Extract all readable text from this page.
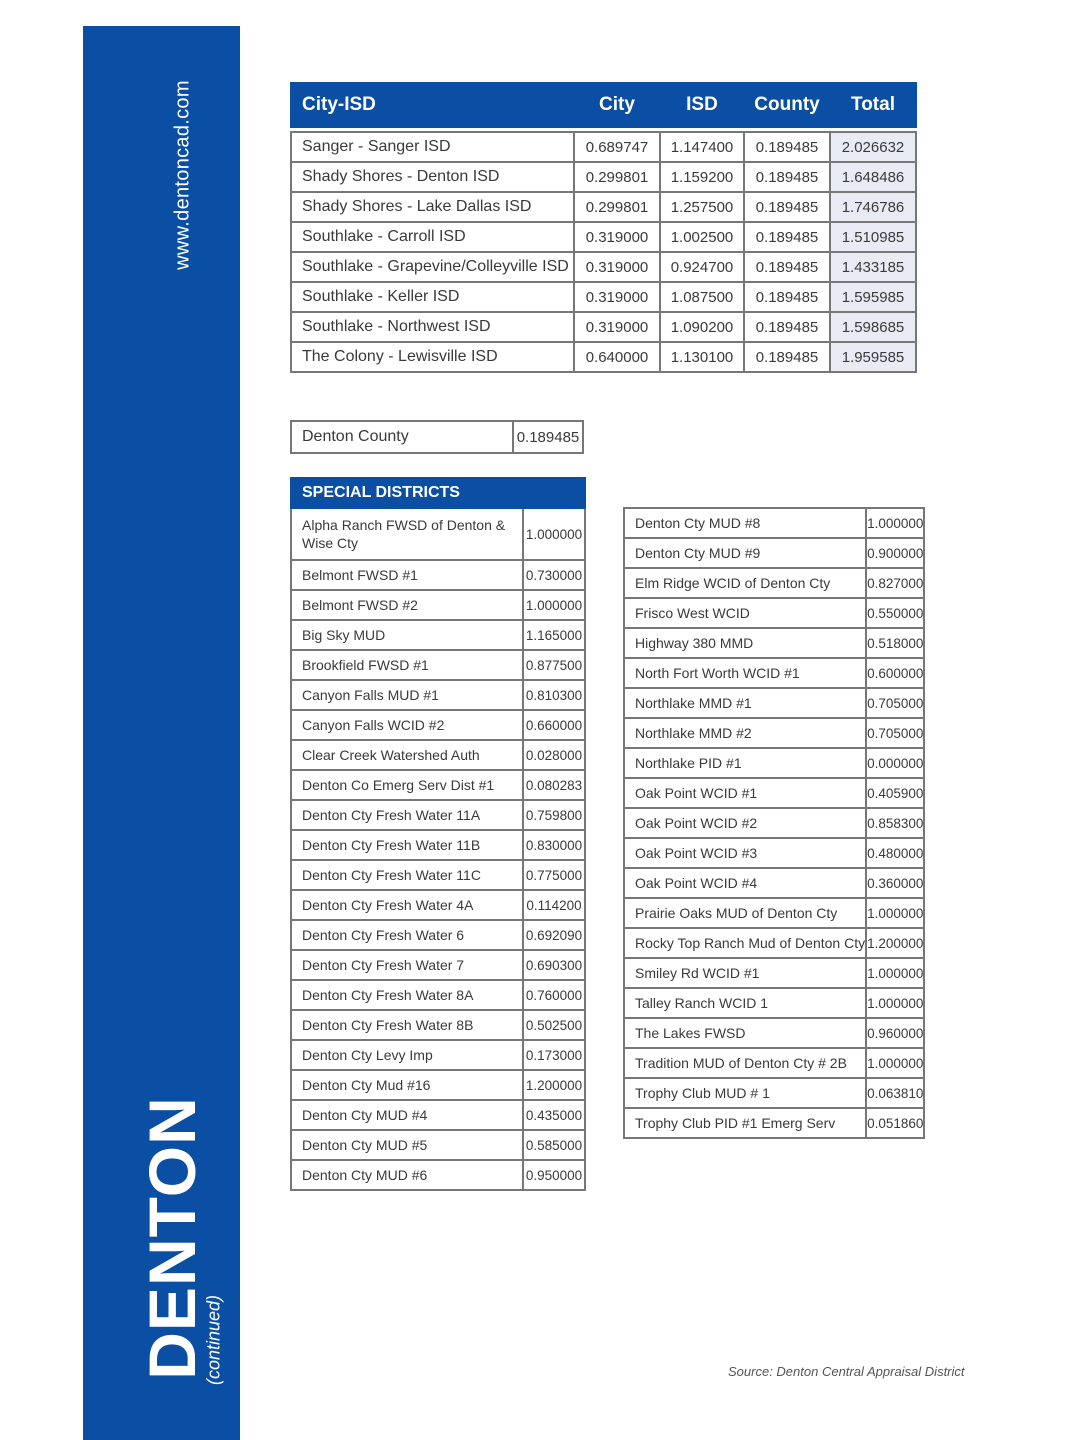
www.dentoncad.com
DENTON
(continued)
City-ISD	City	ISD	County	Total

Sanger - Sanger ISD	0.689747	1.147400	0.189485	2.026632
Shady Shores - Denton ISD	0.299801	1.159200	0.189485	1.648486
Shady Shores - Lake Dallas ISD	0.299801	1.257500	0.189485	1.746786
Southlake - Carroll ISD	0.319000	1.002500	0.189485	1.510985
Southlake - Grapevine/Colleyville ISD	0.319000	0.924700	0.189485	1.433185
Southlake - Keller ISD	0.319000	1.087500	0.189485	1.595985
Southlake - Northwest ISD	0.319000	1.090200	0.189485	1.598685
The Colony - Lewisville ISD	0.640000	1.130100	0.189485	1.959585
Denton County	0.189485
SPECIAL DISTRICTS	
Alpha Ranch FWSD of Denton & Wise Cty	1.000000
Belmont FWSD #1	0.730000
Belmont FWSD #2	1.000000
Big Sky MUD	1.165000
Brookfield FWSD #1	0.877500
Canyon Falls MUD #1	0.810300
Canyon Falls WCID #2	0.660000
Clear Creek Watershed Auth	0.028000
Denton Co Emerg Serv Dist #1	0.080283
Denton Cty Fresh Water 11A	0.759800
Denton Cty Fresh Water 11B	0.830000
Denton Cty Fresh Water 11C	0.775000
Denton Cty Fresh Water 4A	0.114200
Denton Cty Fresh Water 6	0.692090
Denton Cty Fresh Water 7	0.690300
Denton Cty Fresh Water 8A	0.760000
Denton Cty Fresh Water 8B	0.502500
Denton Cty Levy Imp	0.173000
Denton Cty Mud #16	1.200000
Denton Cty MUD #4	0.435000
Denton Cty MUD #5	0.585000
Denton Cty MUD #6	0.950000
Denton Cty MUD #8	1.000000
Denton Cty MUD #9	0.900000
Elm Ridge WCID of Denton Cty	0.827000
Frisco West WCID	0.550000
Highway 380 MMD	0.518000
North Fort Worth WCID #1	0.600000
Northlake MMD #1	0.705000
Northlake MMD #2	0.705000
Northlake PID #1	0.000000
Oak Point WCID #1	0.405900
Oak Point WCID #2	0.858300
Oak Point WCID #3	0.480000
Oak Point WCID #4	0.360000
Prairie Oaks MUD of Denton Cty	1.000000
Rocky Top Ranch Mud of Denton Cty	1.200000
Smiley Rd WCID #1	1.000000
Talley Ranch WCID 1	1.000000
The Lakes FWSD	0.960000
Tradition MUD of Denton Cty # 2B	1.000000
Trophy Club MUD # 1	0.063810
Trophy Club PID #1 Emerg Serv	0.051860
Source: Denton Central Appraisal District
